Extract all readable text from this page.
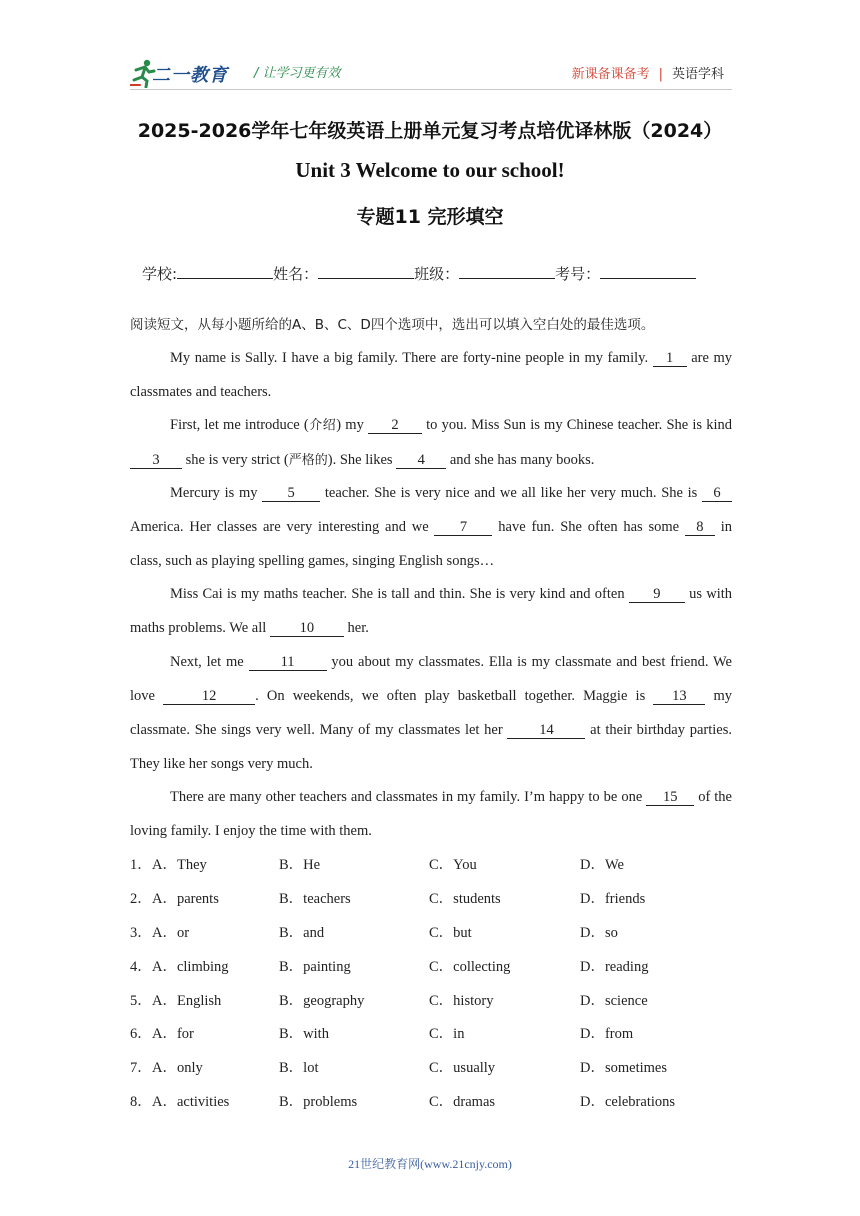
二一教育 / 让学习更有效	新课备课备考 | 英语学科
2025-2026学年七年级英语上册单元复习考点培优译林版（2024）
Unit 3 Welcome to our school!
专题11 完形填空
学校:	姓名：	班级：	考号：
阅读短文，从每小题所给的A、B、C、D四个选项中，选出可以填入空白处的最佳选项。
My name is Sally. I have a big family. There are forty-nine people in my family. 1 are my classmates and teachers.
First, let me introduce (介绍) my 2 to you. Miss Sun is my Chinese teacher. She is kind 3 she is very strict (严格的). She likes 4 and she has many books.
Mercury is my 5 teacher. She is very nice and we all like her very much. She is 6 America. Her classes are very interesting and we 7 have fun. She often has some 8 in class, such as playing spelling games, singing English songs…
Miss Cai is my maths teacher. She is tall and thin. She is very kind and often 9 us with maths problems. We all 10 her.
Next, let me 11 you about my classmates. Ella is my classmate and best friend. We love	12	. On weekends, we often play basketball together. Maggie is 13 my classmate. She sings very well. Many of my classmates let her 14 at their birthday parties. They like her songs very much.
There are many other teachers and classmates in my family. I’m happy to be one 15 of the loving family. I enjoy the time with them.
1． A．They	B．He	C．You	D．We
2． A．parents	B．teachers	C．students	D．friends
3． A．or	B．and	C．but	D．so
4． A．climbing	B．painting	C．collecting	D．reading
5． A．English	B．geography	C．history	D．science
6． A．for	B．with	C．in	D．from
7． A．only	B．lot	C．usually	D．sometimes
8． A．activities	B．problems	C．dramas	D．celebrations
21世纪教育网(www.21cnjy.com)
